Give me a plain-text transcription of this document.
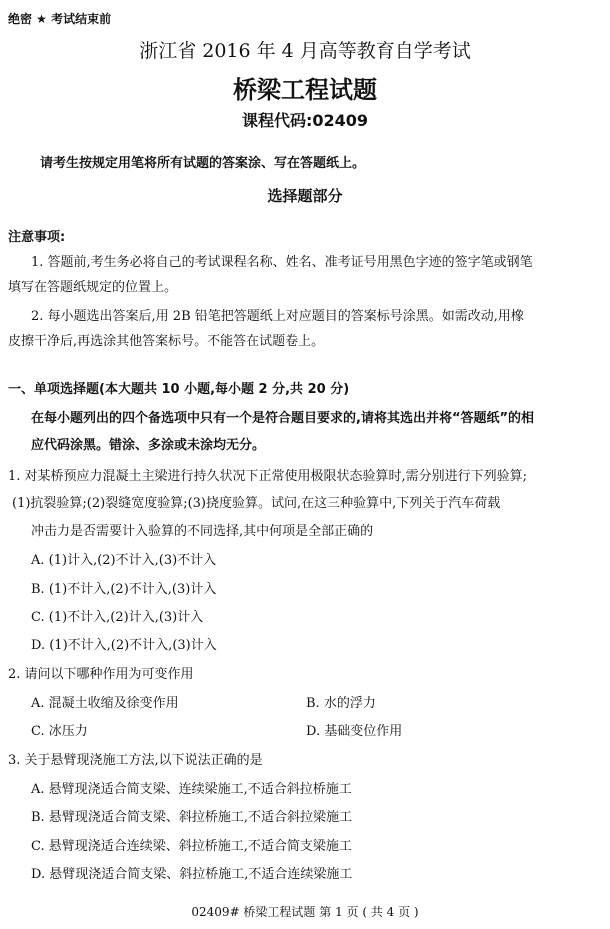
绝密 ★ 考试结束前
浙江省 2016 年 4 月高等教育自学考试
桥梁工程试题
课程代码:02409
请考生按规定用笔将所有试题的答案涂、写在答题纸上。
选择题部分
注意事项:
1. 答题前,考生务必将自己的考试课程名称、姓名、准考证号用黑色字迹的签字笔或钢笔
填写在答题纸规定的位置上。
2. 每小题选出答案后,用 2B 铅笔把答题纸上对应题目的答案标号涂黑。如需改动,用橡
皮擦干净后,再选涂其他答案标号。不能答在试题卷上。
一、单项选择题(本大题共 10 小题,每小题 2 分,共 20 分)
在每小题列出的四个备选项中只有一个是符合题目要求的,请将其选出并将“答题纸”的相
应代码涂黑。错涂、多涂或未涂均无分。
1. 对某桥预应力混凝土主梁进行持久状况下正常使用极限状态验算时,需分别进行下列验算;
(1)抗裂验算;(2)裂缝宽度验算;(3)挠度验算。试问,在这三种验算中,下列关于汽车荷载
冲击力是否需要计入验算的不同选择,其中何项是全部正确的
A. (1)计入,(2)不计入,(3)不计入
B. (1)不计入,(2)不计入,(3)计入
C. (1)不计入,(2)计入,(3)计入
D. (1)不计入,(2)不计入,(3)计入
2. 请问以下哪种作用为可变作用
A. 混凝土收缩及徐变作用	B. 水的浮力
C. 冰压力	D. 基础变位作用
3. 关于悬臂现浇施工方法,以下说法正确的是
A. 悬臂现浇适合简支梁、连续梁施工,不适合斜拉桥施工
B. 悬臂现浇适合简支梁、斜拉桥施工,不适合斜拉梁施工
C. 悬臂现浇适合连续梁、斜拉桥施工,不适合简支梁施工
D. 悬臂现浇适合简支梁、斜拉桥施工,不适合连续梁施工
02409# 桥梁工程试题 第 1 页 ( 共 4 页 )
